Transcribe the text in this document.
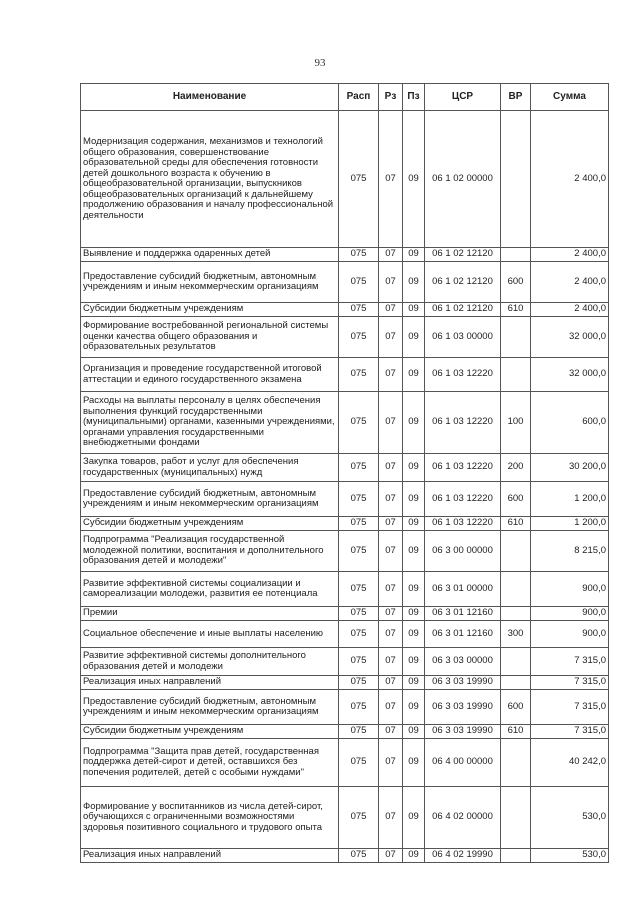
93
Наименование	Расп	Рз	Пз	ЦСР	ВР	Сумма
Модернизация содержания, механизмов и технологий общего образования, совершенствование образовательной среды для обеспечения готовности детей дошкольного возраста к обучению в общеобразовательной организации, выпускников общеобразовательных организаций к дальнейшему продолжению образования и началу профессиональной деятельности	075	07	09	06 1 02 00000		2 400,0
Выявление и поддержка одаренных детей	075	07	09	06 1 02 12120		2 400,0
Предоставление субсидий бюджетным, автономным учреждениям и иным некоммерческим организациям	075	07	09	06 1 02 12120	600	2 400,0
Субсидии бюджетным учреждениям	075	07	09	06 1 02 12120	610	2 400,0
Формирование востребованной региональной системы оценки качества общего образования и образовательных результатов	075	07	09	06 1 03 00000		32 000,0
Организация и проведение государственной итоговой аттестации и единого государственного экзамена	075	07	09	06 1 03 12220		32 000,0
Расходы на выплаты персоналу в целях обеспечения выполнения функций государственными (муниципальными) органами, казенными учреждениями, органами управления государственными внебюджетными фондами	075	07	09	06 1 03 12220	100	600,0
Закупка товаров, работ и услуг для обеспечения государственных (муниципальных) нужд	075	07	09	06 1 03 12220	200	30 200,0
Предоставление субсидий бюджетным, автономным учреждениям и иным некоммерческим организациям	075	07	09	06 1 03 12220	600	1 200,0
Субсидии бюджетным учреждениям	075	07	09	06 1 03 12220	610	1 200,0
Подпрограмма "Реализация государственной молодежной политики, воспитания и дополнительного образования детей и молодежи"	075	07	09	06 3 00 00000		8 215,0
Развитие эффективной системы социализации и самореализации молодежи, развития ее потенциала	075	07	09	06 3 01 00000		900,0
Премии	075	07	09	06 3 01 12160		900,0
Социальное обеспечение и иные выплаты населению	075	07	09	06 3 01 12160	300	900,0
Развитие эффективной системы дополнительного образования детей и молодежи	075	07	09	06 3 03 00000		7 315,0
Реализация иных направлений	075	07	09	06 3 03 19990		7 315,0
Предоставление субсидий бюджетным, автономным учреждениям и иным некоммерческим организациям	075	07	09	06 3 03 19990	600	7 315,0
Субсидии бюджетным учреждениям	075	07	09	06 3 03 19990	610	7 315,0
Подпрограмма "Защита прав детей, государственная поддержка детей-сирот и детей, оставшихся без попечения родителей, детей с особыми нуждами"	075	07	09	06 4 00 00000		40 242,0
Формирование у воспитанников из числа детей-сирот, обучающихся с ограниченными возможностями здоровья позитивного социального и трудового опыта	075	07	09	06 4 02 00000		530,0
Реализация иных направлений	075	07	09	06 4 02 19990		530,0
